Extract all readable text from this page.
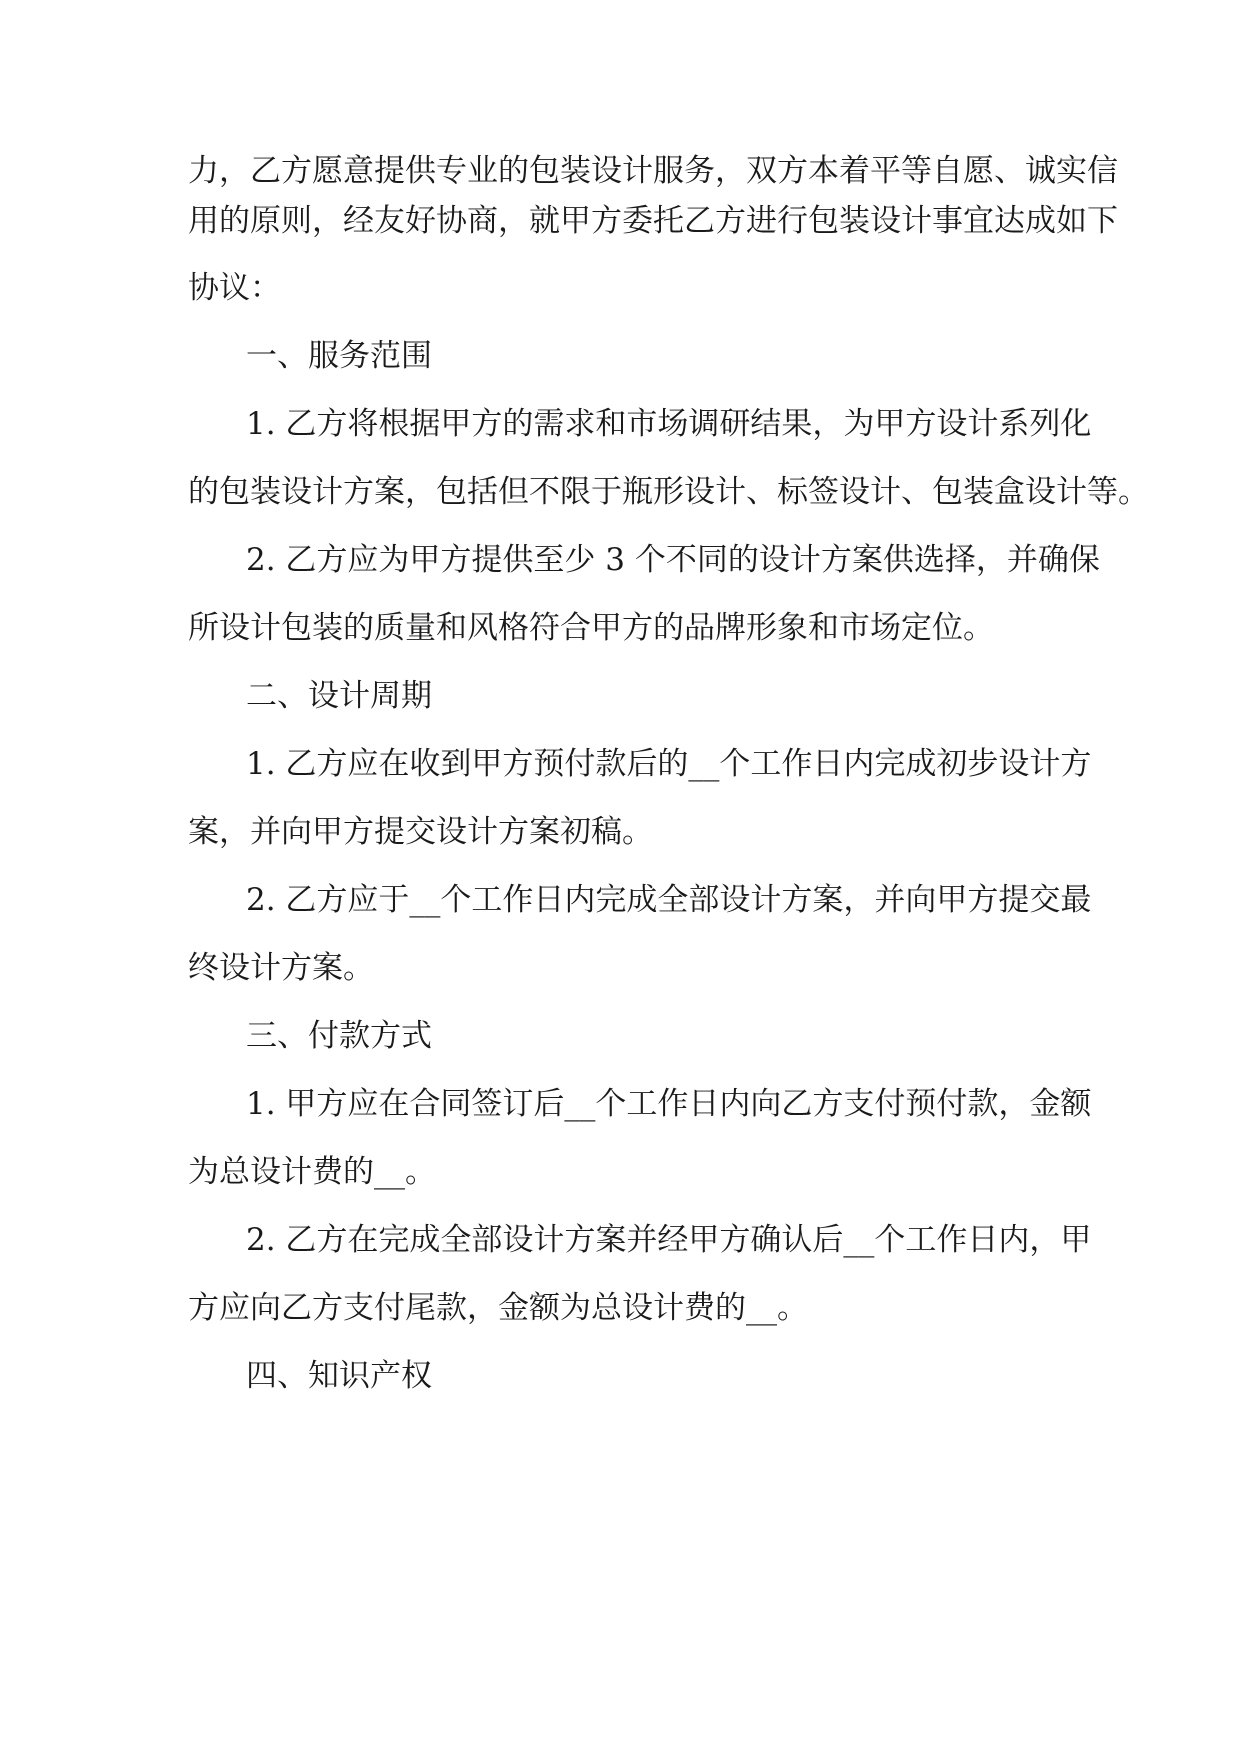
力，乙方愿意提供专业的包装设计服务，双方本着平等自愿、诚实信
用的原则，经友好协商，就甲方委托乙方进行包装设计事宜达成如下
协议：
一、服务范围
1. 乙方将根据甲方的需求和市场调研结果，为甲方设计系列化
的包装设计方案，包括但不限于瓶形设计、标签设计、包装盒设计等。
2. 乙方应为甲方提供至少 3 个不同的设计方案供选择，并确保
所设计包装的质量和风格符合甲方的品牌形象和市场定位。
二、设计周期
1. 乙方应在收到甲方预付款后的__个工作日内完成初步设计方
案，并向甲方提交设计方案初稿。
2. 乙方应于__个工作日内完成全部设计方案，并向甲方提交最
终设计方案。
三、付款方式
1. 甲方应在合同签订后__个工作日内向乙方支付预付款，金额
为总设计费的__。
2. 乙方在完成全部设计方案并经甲方确认后__个工作日内，甲
方应向乙方支付尾款，金额为总设计费的__。
四、知识产权
